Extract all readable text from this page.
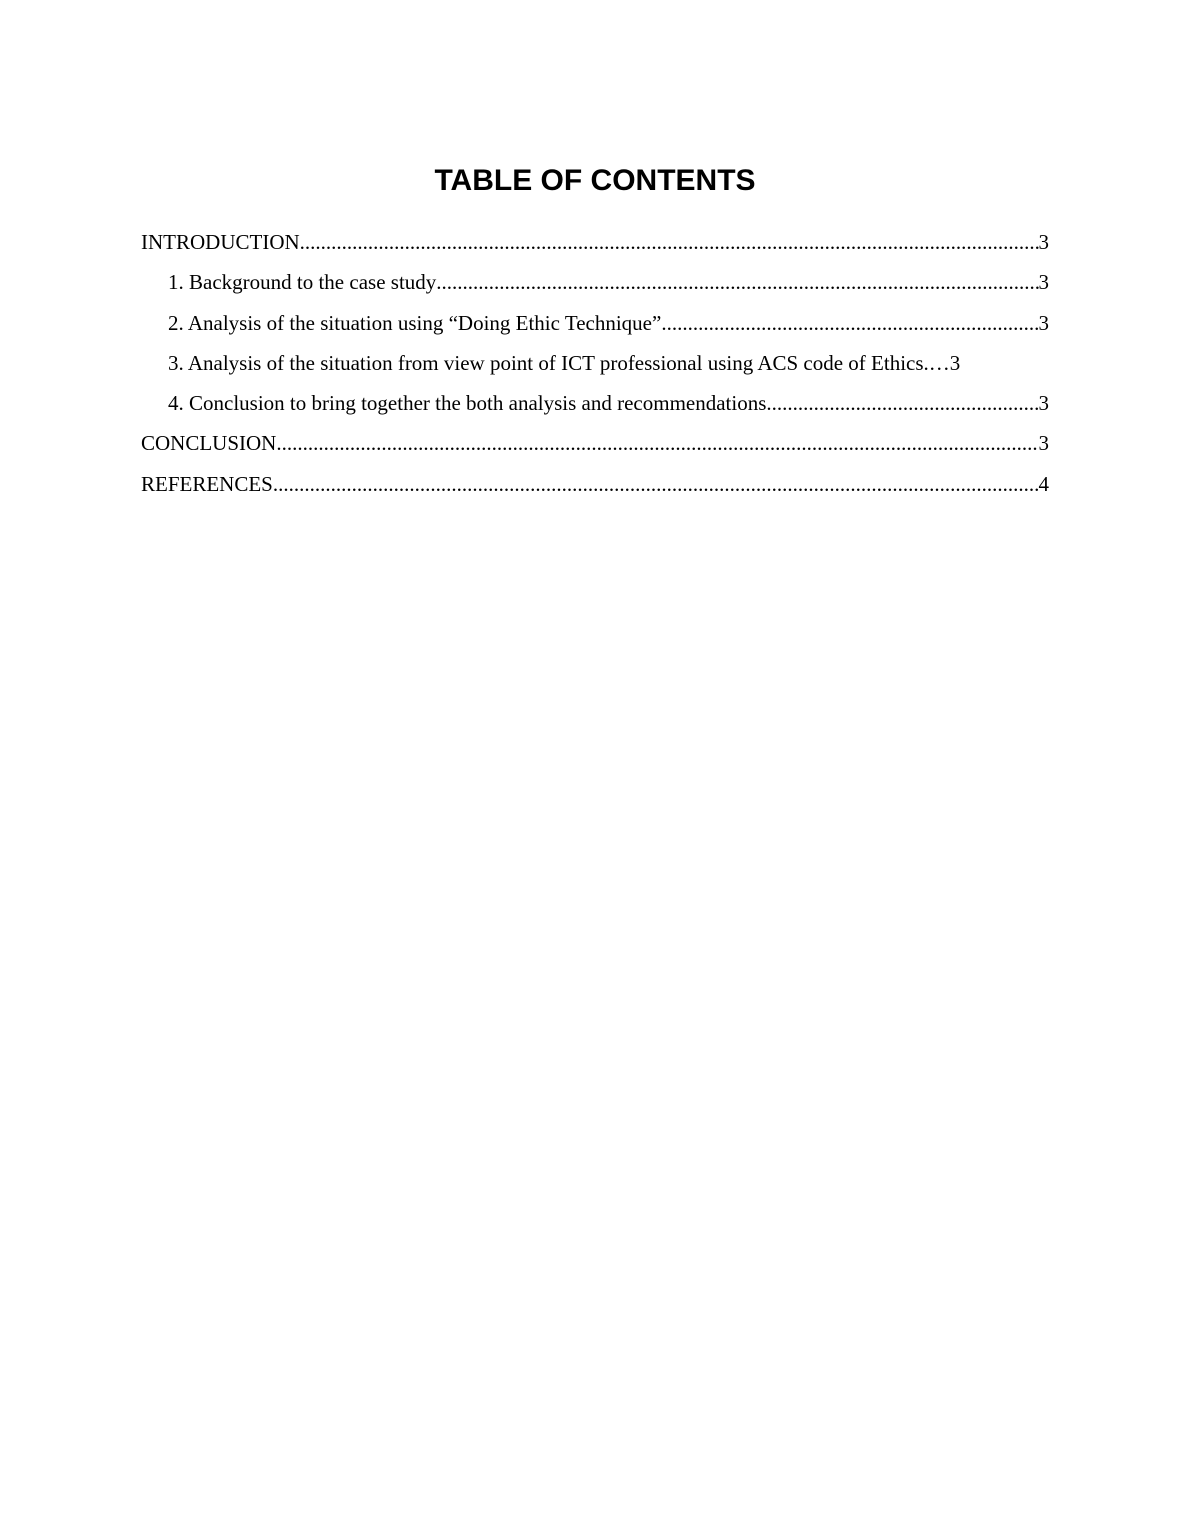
TABLE OF CONTENTS
INTRODUCTION .....	3
1. Background to the case study .....	3
2. Analysis of the situation using “Doing Ethic Technique” .....	3
3. Analysis of the situation from view point of ICT professional using ACS code of Ethics. … 3
4. Conclusion to bring together the both analysis and recommendations .....	3
CONCLUSION .....	3
REFERENCES .....	4
